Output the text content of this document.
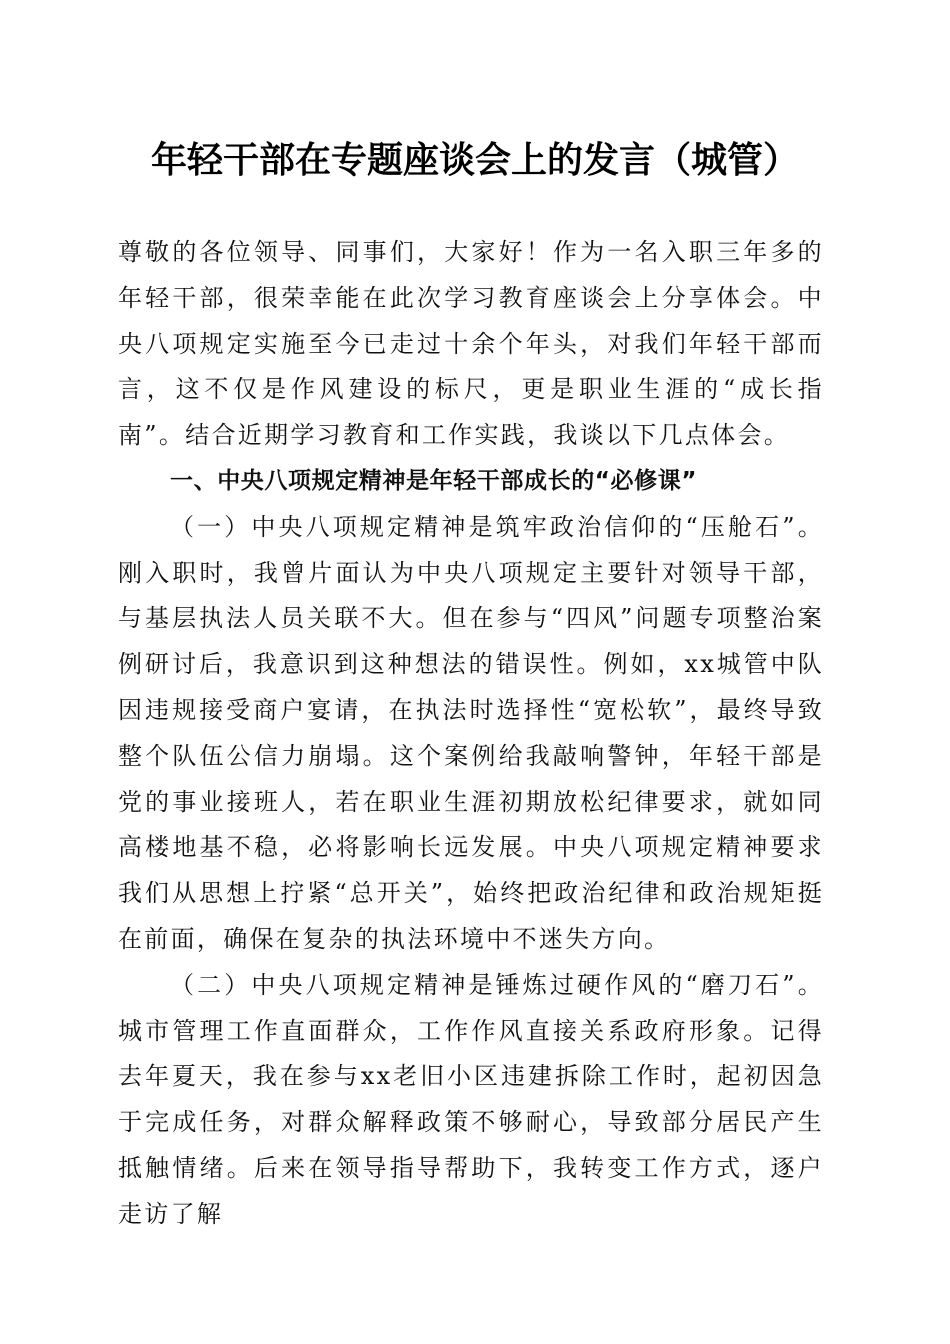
年轻干部在专题座谈会上的发言（城管）

尊敬的各位领导、同事们，大家好！作为一名入职三年多的年轻干部，很荣幸能在此次学习教育座谈会上分享体会。中央八项规定实施至今已走过十余个年头，对我们年轻干部而言，这不仅是作风建设的标尺，更是职业生涯的“成长指南”。结合近期学习教育和工作实践，我谈以下几点体会。

一、中央八项规定精神是年轻干部成长的“必修课”

（一）中央八项规定精神是筑牢政治信仰的“压舱石”。刚入职时，我曾片面认为中央八项规定主要针对领导干部，与基层执法人员关联不大。但在参与“四风”问题专项整治案例研讨后，我意识到这种想法的错误性。例如，xx城管中队因违规接受商户宴请，在执法时选择性“宽松软”，最终导致整个队伍公信力崩塌。这个案例给我敲响警钟，年轻干部是党的事业接班人，若在职业生涯初期放松纪律要求，就如同高楼地基不稳，必将影响长远发展。中央八项规定精神要求我们从思想上拧紧“总开关”，始终把政治纪律和政治规矩挺在前面，确保在复杂的执法环境中不迷失方向。

（二）中央八项规定精神是锤炼过硬作风的“磨刀石”。城市管理工作直面群众，工作作风直接关系政府形象。记得去年夏天，我在参与xx老旧小区违建拆除工作时，起初因急于完成任务，对群众解释政策不够耐心，导致部分居民产生抵触情绪。后来在领导指导帮助下，我转变工作方式，逐户走访了解
